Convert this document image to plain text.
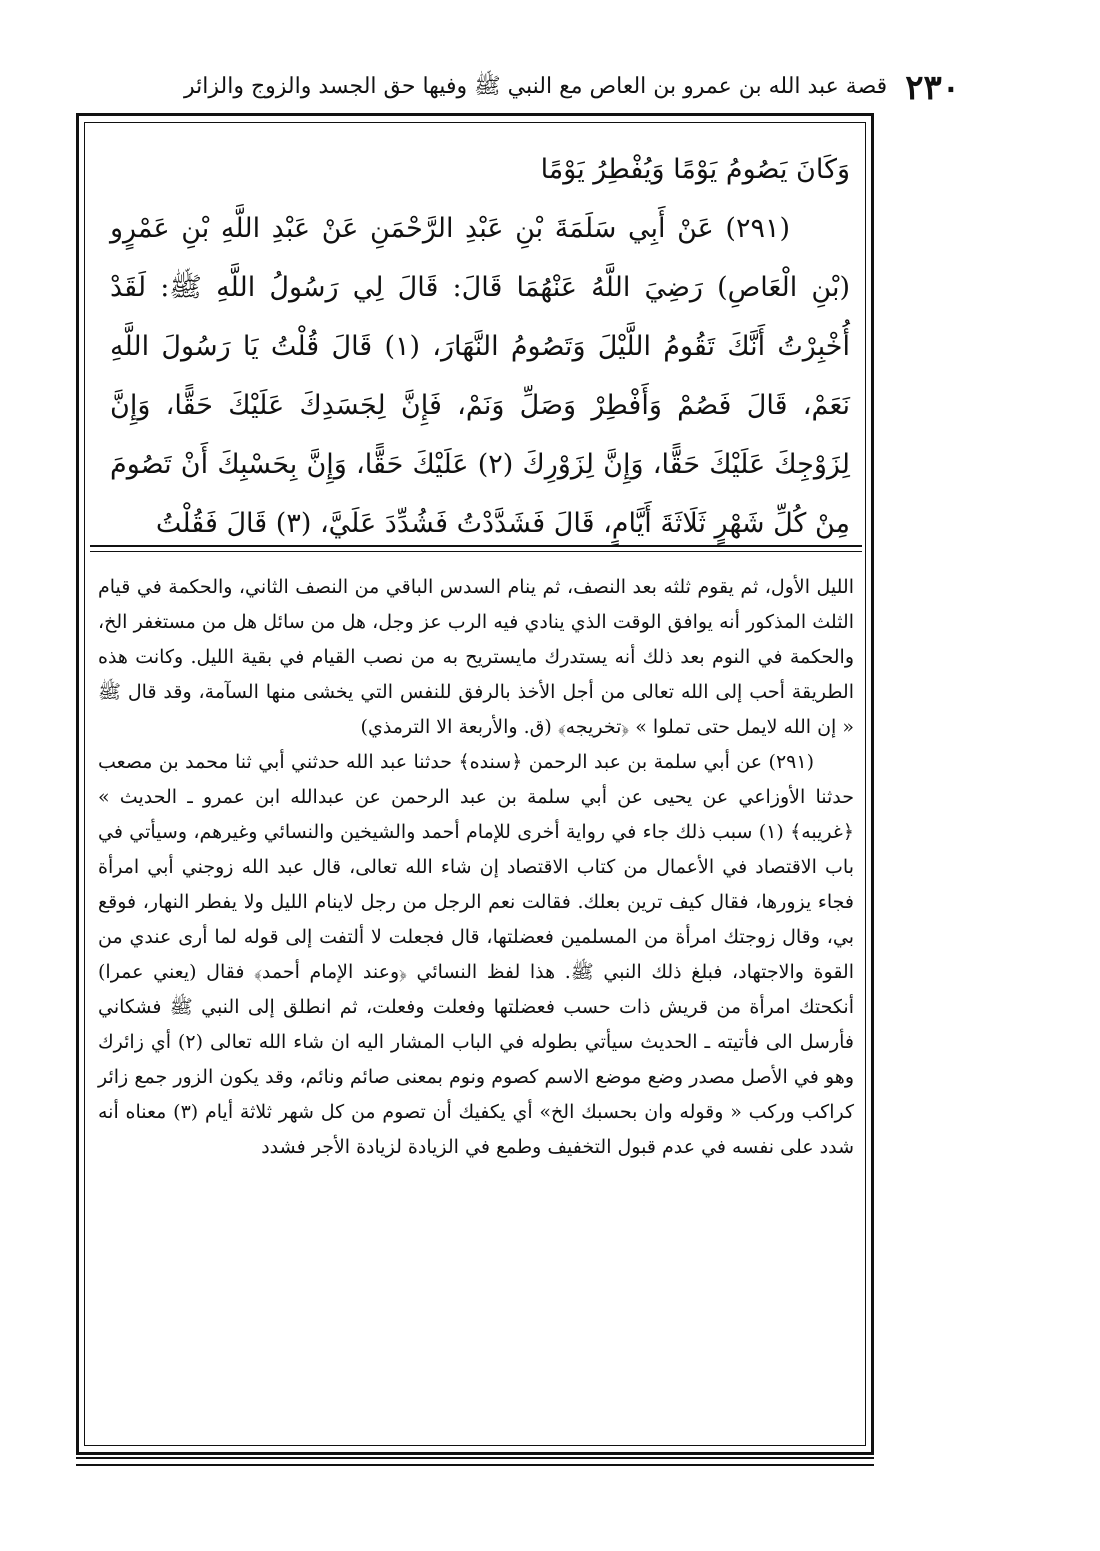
٢٣٠
قصة عبد الله بن عمرو بن العاص مع النبي ﷺ وفيها حق الجسد والزوج والزائر

وَكَانَ يَصُومُ يَوْمًا وَيُفْطِرُ يَوْمًا

(٢٩١) عَنْ أَبِي سَلَمَةَ بْنِ عَبْدِ الرَّحْمَنِ عَنْ عَبْدِ اللَّهِ بْنِ عَمْرٍو (بْنِ الْعَاصِ) رَضِيَ اللَّهُ عَنْهُمَا قَالَ: قَالَ لِي رَسُولُ اللَّهِ ﷺ: لَقَدْ أُخْبِرْتُ أَنَّكَ تَقُومُ اللَّيْلَ وَتَصُومُ النَّهَارَ، (١) قَالَ قُلْتُ يَا رَسُولَ اللَّهِ نَعَمْ، قَالَ فَصُمْ وَأَفْطِرْ وَصَلِّ وَنَمْ، فَإِنَّ لِجَسَدِكَ عَلَيْكَ حَقًّا، وَإِنَّ لِزَوْجِكَ عَلَيْكَ حَقًّا، وَإِنَّ لِزَوْرِكَ (٢) عَلَيْكَ حَقًّا، وَإِنَّ بِحَسْبِكَ أَنْ تَصُومَ مِنْ كُلِّ شَهْرٍ ثَلَاثَةَ أَيَّامٍ، قَالَ فَشَدَّدْتُ فَشُدِّدَ عَلَيَّ، (٣) قَالَ فَقُلْتُ

الليل الأول، ثم يقوم ثلثه بعد النصف، ثم ينام السدس الباقي من النصف الثاني، والحكمة في قيام الثلث المذكور أنه يوافق الوقت الذي ينادي فيه الرب عز وجل، هل من سائل هل من مستغفر الخ، والحكمة في النوم بعد ذلك أنه يستدرك مايستريح به من نصب القيام في بقية الليل. وكانت هذه الطريقة أحب إلى الله تعالى من أجل الأخذ بالرفق للنفس التي يخشى منها السآمة، وقد قال ﷺ « إن الله لايمل حتى تملوا » ﴿تخريجه﴾ (ق. والأربعة الا الترمذي)

(٢٩١) عن أبي سلمة بن عبد الرحمن ﴿سنده﴾ حدثنا عبد الله حدثني أبي ثنا محمد بن مصعب حدثنا الأوزاعي عن يحيى عن أبي سلمة بن عبد الرحمن عن عبدالله ابن عمرو ـ الحديث » ﴿غريبه﴾ (١) سبب ذلك جاء في رواية أخرى للإمام أحمد والشيخين والنسائي وغيرهم، وسيأتي في باب الاقتصاد في الأعمال من كتاب الاقتصاد إن شاء الله تعالى، قال عبد الله زوجني أبي امرأة فجاء يزورها، فقال كيف ترين بعلك. فقالت نعم الرجل من رجل لاينام الليل ولا يفطر النهار، فوقع بي، وقال زوجتك امرأة من المسلمين فعضلتها، قال فجعلت لا ألتفت إلى قوله لما أرى عندي من القوة والاجتهاد، فبلغ ذلك النبي ﷺ. هذا لفظ النسائي ﴿وعند الإمام أحمد﴾ فقال (يعني عمرا) أنكحتك امرأة من قريش ذات حسب فعضلتها وفعلت وفعلت، ثم انطلق إلى النبي ﷺ فشكاني فأرسل الى فأتيته ـ الحديث سيأتي بطوله في الباب المشار اليه ان شاء الله تعالى (٢) أي زائرك وهو في الأصل مصدر وضع موضع الاسم كصوم ونوم بمعنى صائم ونائم، وقد يكون الزور جمع زائر كراكب وركب « وقوله وان بحسبك الخ» أي يكفيك أن تصوم من كل شهر ثلاثة أيام (٣) معناه أنه شدد على نفسه في عدم قبول التخفيف وطمع في الزيادة لزيادة الأجر فشدد
